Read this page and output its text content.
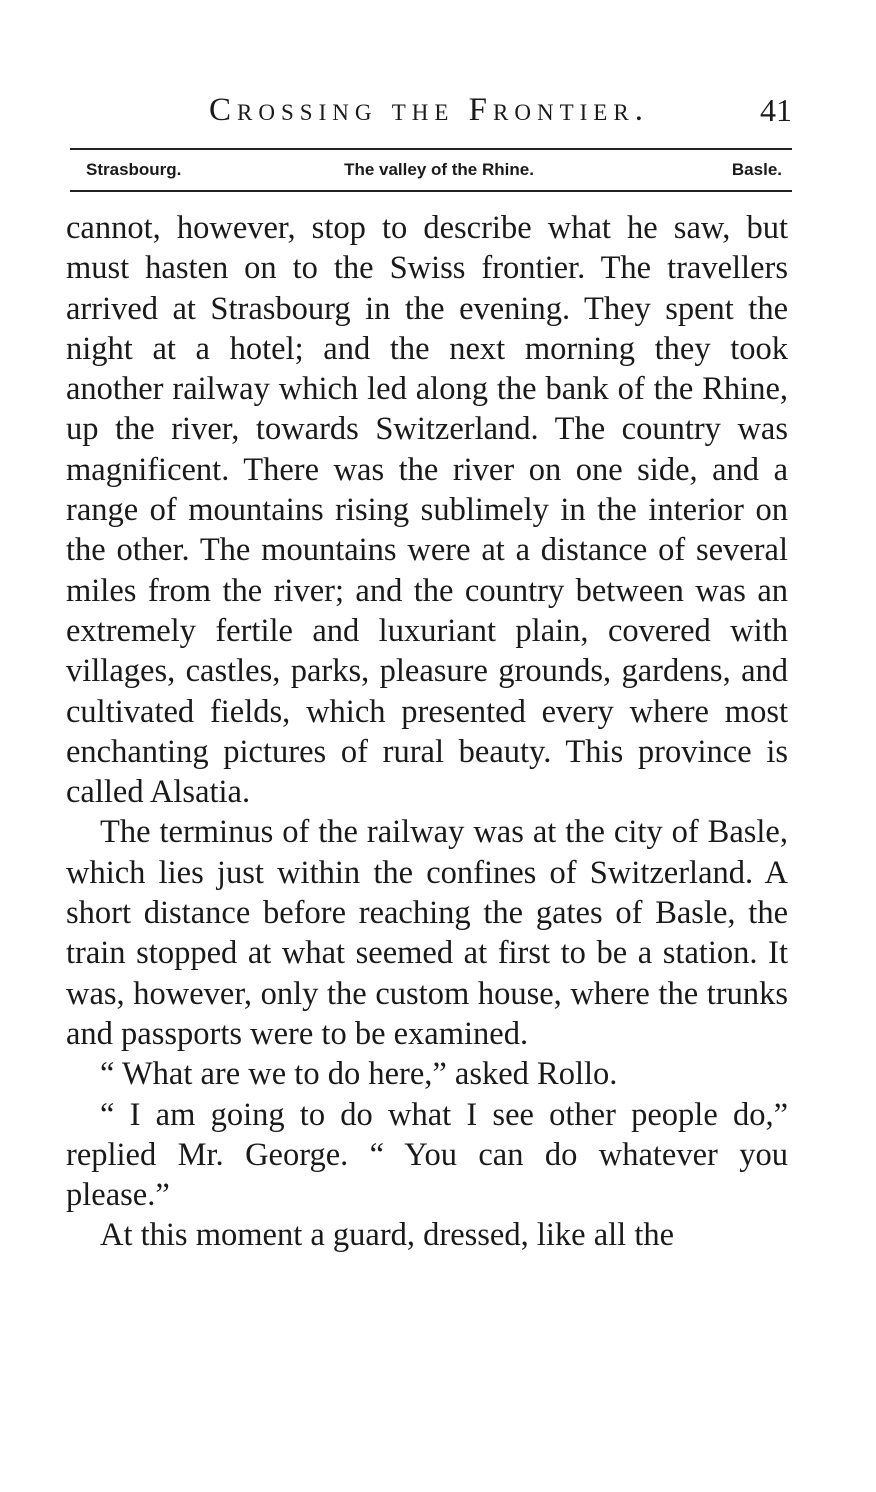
Crossing the Frontier.	41
Strasbourg.	The valley of the Rhine.	Basle.

cannot, however, stop to describe what he saw, but must hasten on to the Swiss frontier. The travellers arrived at Strasbourg in the evening. They spent the night at a hotel; and the next morning they took another railway which led along the bank of the Rhine, up the river, towards Switzerland. The country was magnificent. There was the river on one side, and a range of mountains rising sublimely in the interior on the other. The mountains were at a distance of several miles from the river; and the country between was an extremely fertile and luxuriant plain, covered with villages, castles, parks, pleasure grounds, gardens, and cultivated fields, which presented every where most enchanting pictures of rural beauty. This province is called Alsatia.

The terminus of the railway was at the city of Basle, which lies just within the confines of Switzerland. A short distance before reaching the gates of Basle, the train stopped at what seemed at first to be a station. It was, however, only the custom house, where the trunks and passports were to be examined.

“ What are we to do here,” asked Rollo.

“ I am going to do what I see other people do,” replied Mr. George. “ You can do whatever you please.”

At this moment a guard, dressed, like all the
